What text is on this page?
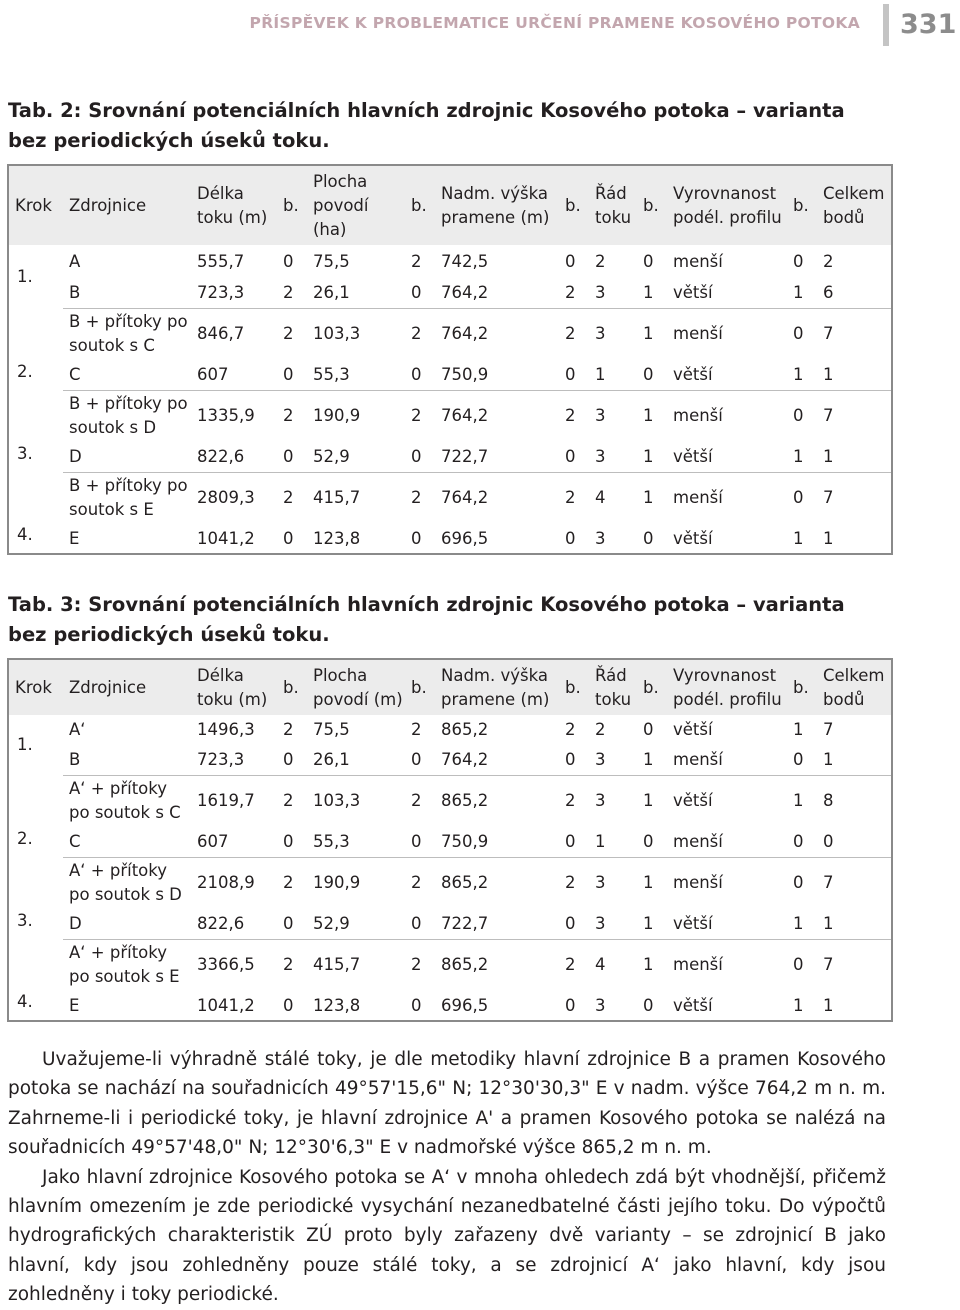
PŘÍSPĚVEK K PROBLEMATICE URČENÍ PRAMENE KOSOVÉHO POTOKA 331
Tab. 2: Srovnání potenciálních hlavních zdrojnic Kosového potoka – varianta bez periodických úseků toku.
Krok	Zdrojnice	Délka toku (m)	b.	Plocha povodí (ha)	b.	Nadm. výška pramene (m)	b.	Řád toku	b.	Vyrovnanost podél. profilu	b.	Celkem bodů
1.	A	555,7	0	75,5	2	742,5	0	2	0	menší	0	2
	B	723,3	2	26,1	0	764,2	2	3	1	větší	1	6
2.	B + přítoky po soutok s C	846,7	2	103,3	2	764,2	2	3	1	menší	0	7
	C	607	0	55,3	0	750,9	0	1	0	větší	1	1
3.	B + přítoky po soutok s D	1335,9	2	190,9	2	764,2	2	3	1	menší	0	7
	D	822,6	0	52,9	0	722,7	0	3	1	větší	1	1
4.	B + přítoky po soutok s E	2809,3	2	415,7	2	764,2	2	4	1	menší	0	7
	E	1041,2	0	123,8	0	696,5	0	3	0	větší	1	1
Tab. 3: Srovnání potenciálních hlavních zdrojnic Kosového potoka – varianta bez periodických úseků toku.
Krok	Zdrojnice	Délka toku (m)	b.	Plocha povodí (m)	b.	Nadm. výška pramene (m)	b.	Řád toku	b.	Vyrovnanost podél. profilu	b.	Celkem bodů
1.	A‘	1496,3	2	75,5	2	865,2	2	2	0	větší	1	7
	B	723,3	0	26,1	0	764,2	0	3	1	menší	0	1
2.	A‘ + přítoky po soutok s C	1619,7	2	103,3	2	865,2	2	3	1	větší	1	8
	C	607	0	55,3	0	750,9	0	1	0	menší	0	0
3.	A‘ + přítoky po soutok s D	2108,9	2	190,9	2	865,2	2	3	1	menší	0	7
	D	822,6	0	52,9	0	722,7	0	3	1	větší	1	1
4.	A‘ + přítoky po soutok s E	3366,5	2	415,7	2	865,2	2	4	1	menší	0	7
	E	1041,2	0	123,8	0	696,5	0	3	0	větší	1	1

Uvažujeme-li výhradně stálé toky, je dle metodiky hlavní zdrojnice B a pramen Kosového potoka se nachází na souřadnicích 49°57'15,6" N; 12°30'30,3" E v nadm. výšce 764,2 m n. m. Zahrneme-li i periodické toky, je hlavní zdrojnice A' a pramen Kosového potoka se nalézá na souřadnicích 49°57'48,0" N; 12°30'6,3" E v nadmořské výšce 865,2 m n. m.

Jako hlavní zdrojnice Kosového potoka se A‘ v mnoha ohledech zdá být vhodnější, přičemž hlavním omezením je zde periodické vysychání nezanedbatelné části jejího toku. Do výpočtů hydrografických charakteristik ZÚ proto byly zařazeny dvě varianty – se zdrojnicí B jako hlavní, kdy jsou zohledněny pouze stálé toky, a se zdrojnicí A‘ jako hlavní, kdy jsou zohledněny i toky periodické.
